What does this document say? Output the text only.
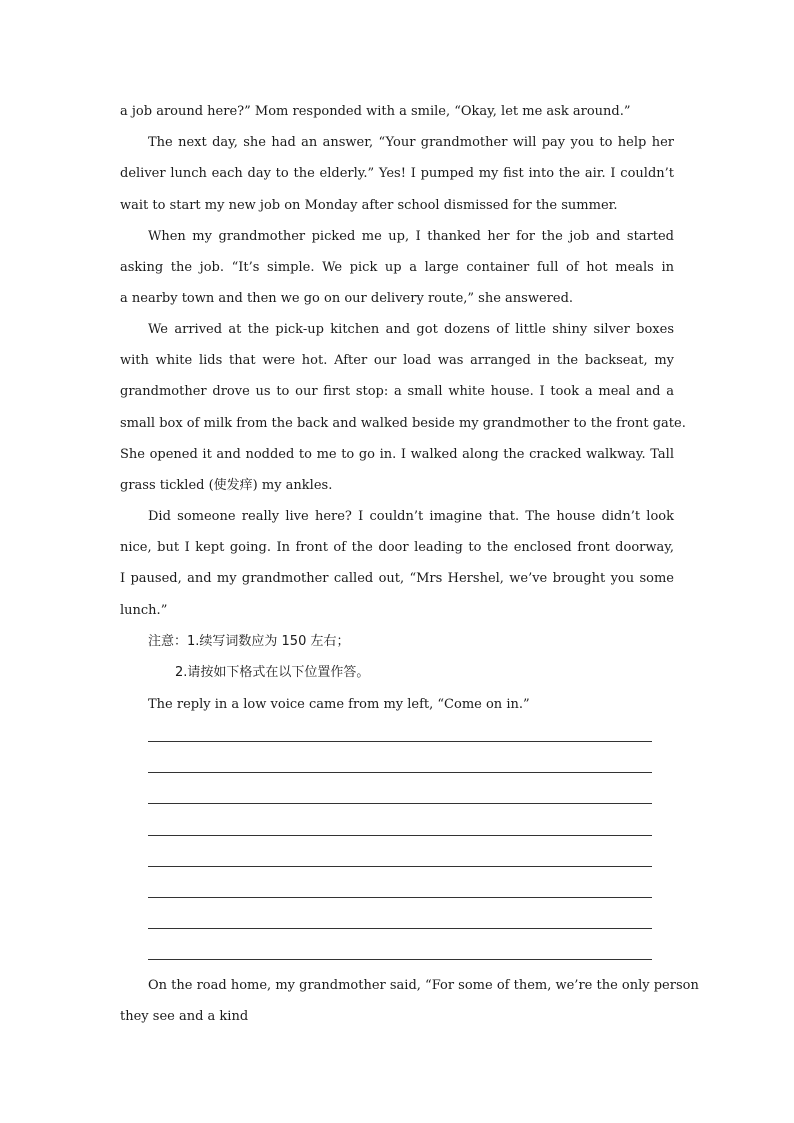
a job around here?” Mom responded with a smile, “Okay, let me ask around.”
The next day, she had an answer, “Your grandmother will pay you to help her
deliver lunch each day to the elderly.” Yes! I pumped my fist into the air. I couldn’t
wait to start my new job on Monday after school dismissed for the summer.
When my grandmother picked me up, I thanked her for the job and started
asking the job. “It’s simple. We pick up a large container full of hot meals in
a nearby town and then we go on our delivery route,” she answered.
We arrived at the pick-up kitchen and got dozens of little shiny silver boxes
with white lids that were hot. After our load was arranged in the backseat, my
grandmother drove us to our first stop: a small white house. I took a meal and a
small box of milk from the back and walked beside my grandmother to the front gate.
She opened it and nodded to me to go in. I walked along the cracked walkway. Tall
grass tickled (使发痒) my ankles.
Did someone really live here? I couldn’t imagine that. The house didn’t look
nice, but I kept going. In front of the door leading to the enclosed front doorway,
I paused, and my grandmother called out, “Mrs Hershel, we’ve brought you some
lunch.”
注意：1.续写词数应为 150 左右；
2.请按如下格式在以下位置作答。
The reply in a low voice came from my left, “Come on in.”
On the road home, my grandmother said, “For some of them, we’re the only person
they see and a kind
